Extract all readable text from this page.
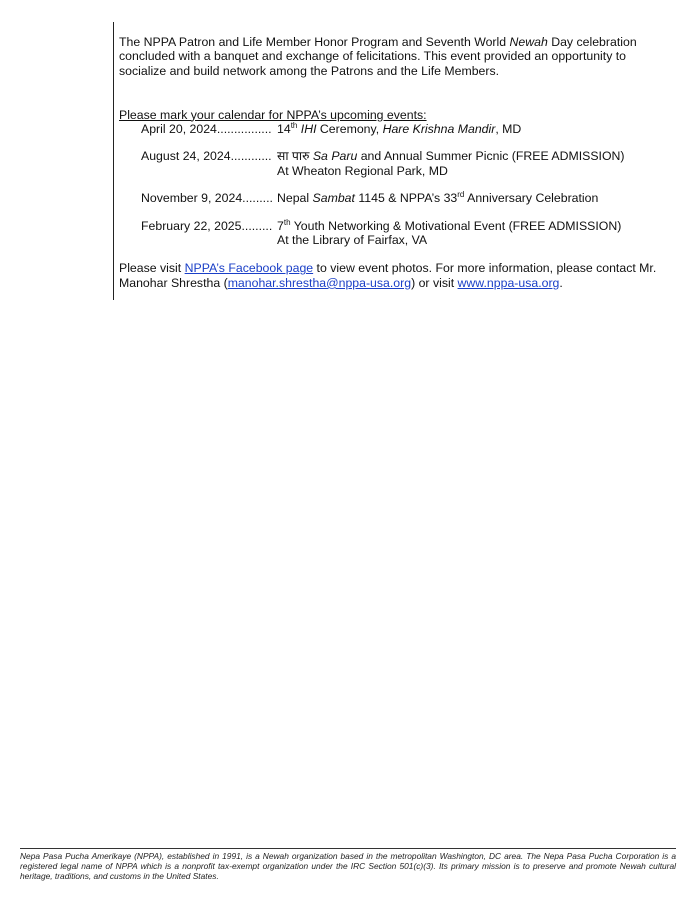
The NPPA Patron and Life Member Honor Program and Seventh World Newah Day celebration concluded with a banquet and exchange of felicitations. This event provided an opportunity to socialize and build network among the Patrons and the Life Members.

Please mark your calendar for NPPA’s upcoming events:
April 20, 2024................ 14th IHI Ceremony, Hare Krishna Mandir, MD
August 24, 2024............ सा पारु Sa Paru and Annual Summer Picnic (FREE ADMISSION)
At Wheaton Regional Park, MD
November 9, 2024......... Nepal Sambat 1145 & NPPA’s 33rd Anniversary Celebration
February 22, 2025......... 7th Youth Networking & Motivational Event (FREE ADMISSION)
At the Library of Fairfax, VA
Please visit NPPA’s Facebook page to view event photos. For more information, please contact Mr. Manohar Shrestha (manohar.shrestha@nppa-usa.org) or visit www.nppa-usa.org.
Nepa Pasa Pucha Amerikaye (NPPA), established in 1991, is a Newah organization based in the metropolitan Washington, DC area. The Nepa Pasa Pucha Corporation is a registered legal name of NPPA which is a nonprofit tax-exempt organization under the IRC Section 501(c)(3). Its primary mission is to preserve and promote Newah cultural heritage, traditions, and customs in the United States.
